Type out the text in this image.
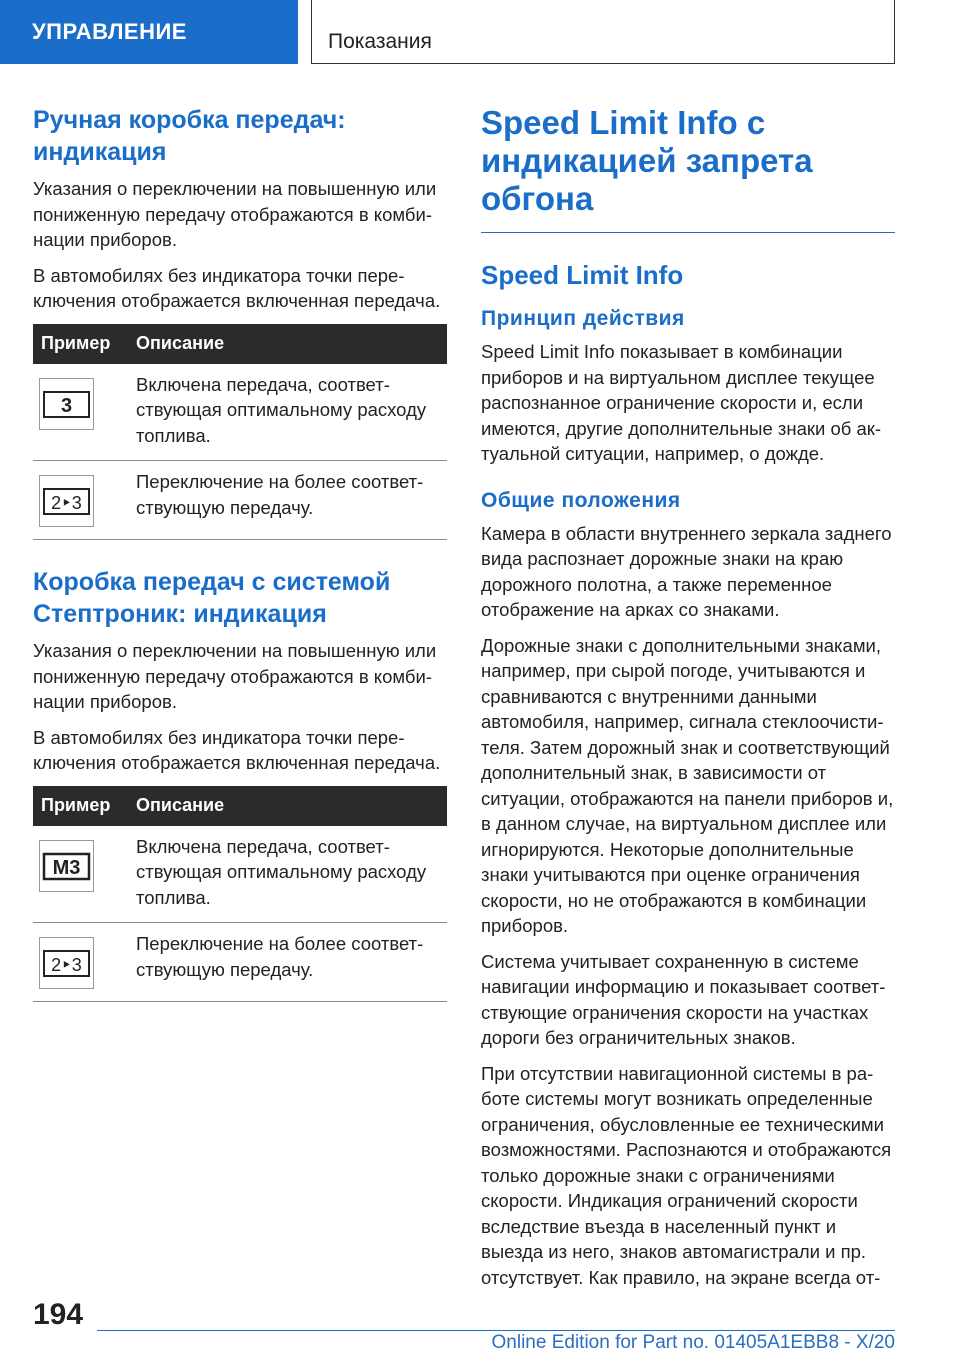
УПРАВЛЕНИЕ	Показания
Ручная коробка передач: индикация

Указания о переключении на повышенную или пониженную передачу отображаются в комбинации приборов.

В автомобилях без индикатора точки переключения отображается включенная передача.

Пример	Описание

3	Включена передача, соответствующая оптимальному расходу топлива.

2‣3	Переключение на более соответствующую передачу.
Коробка передач с системой Стептроник: индикация

Указания о переключении на повышенную или пониженную передачу отображаются в комбинации приборов.

В автомобилях без индикатора точки переключения отображается включенная передача.

Пример	Описание

M3	Включена передача, соответствующая оптимальному расходу топлива.

2‣3	Переключение на более соответствующую передачу.
Speed Limit Info с индикацией запрета обгона
Speed Limit Info
Принцип действия

Speed Limit Info показывает в комбинации приборов и на виртуальном дисплее текущее распознанное ограничение скорости и, если имеются, другие дополнительные знаки об актуальной ситуации, например, о дожде.

Общие положения

Камера в области внутреннего зеркала заднего вида распознает дорожные знаки на краю дорожного полотна, а также переменное отображение на арках со знаками.

Дорожные знаки с дополнительными знаками, например, при сырой погоде, учитываются и сравниваются с внутренними данными автомобиля, например, сигнала стеклоочистителя. Затем дорожный знак и соответствующий дополнительный знак, в зависимости от ситуации, отображаются на панели приборов и, в данном случае, на виртуальном дисплее или игнорируются. Некоторые дополнительные знаки учитываются при оценке ограничения скорости, но не отображаются в комбинации приборов.

Система учитывает сохраненную в системе навигации информацию и показывает соответствующие ограничения скорости на участках дороги без ограничительных знаков.

При отсутствии навигационной системы в работе системы могут возникать определенные ограничения, обусловленные ее техническими возможностями. Распознаются и отображаются только дорожные знаки с ограничениями скорости. Индикация ограничений скорости вследствие въезда в населенный пункт и выезда из него, знаков автомагистрали и пр. отсутствует. Как правило, на экране всегда от-

194
Online Edition for Part no. 01405A1EBB8 - X/20
